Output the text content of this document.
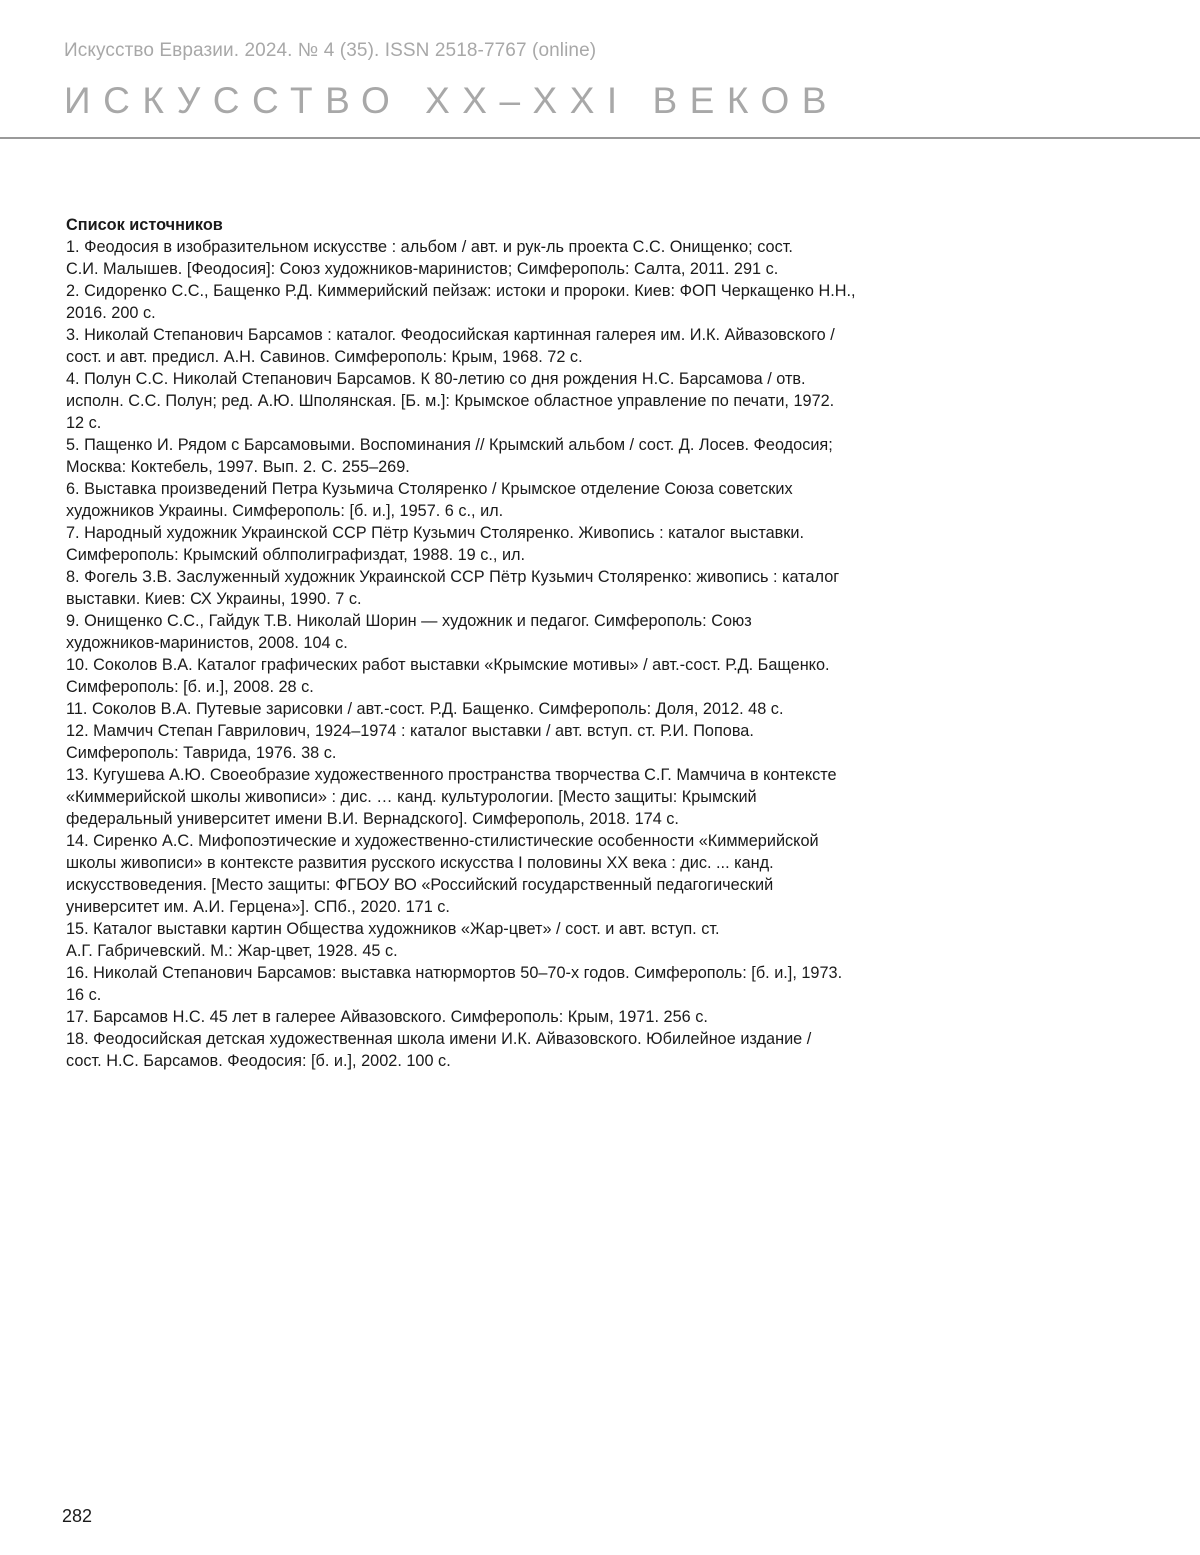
Искусство Евразии. 2024. № 4 (35). ISSN 2518-7767 (online)
ИСКУССТВО XX–XXI ВЕКОВ
Список источников
1. Феодосия в изобразительном искусстве : альбом / авт. и рук-ль проекта С.С. Онищенко; сост.
С.И. Малышев. [Феодосия]: Союз художников-маринистов; Симферополь: Салта, 2011. 291 с.
2. Сидоренко С.С., Бащенко Р.Д. Киммерийский пейзаж: истоки и пророки. Киев: ФОП Черкащенко Н.Н.,
2016. 200 с.
3. Николай Степанович Барсамов : каталог. Феодосийская картинная галерея им. И.К. Айвазовского /
сост. и авт. предисл. А.Н. Савинов. Симферополь: Крым, 1968. 72 с.
4. Полун С.С. Николай Степанович Барсамов. К 80-летию со дня рождения Н.С. Барсамова / отв.
исполн. С.С. Полун; ред. А.Ю. Шполянская. [Б. м.]: Крымское областное управление по печати, 1972.
12 с.
5. Пащенко И. Рядом с Барсамовыми. Воспоминания // Крымский альбом / сост. Д. Лосев. Феодосия;
Москва: Коктебель, 1997. Вып. 2. С. 255–269.
6. Выставка произведений Петра Кузьмича Столяренко / Крымское отделение Союза советских
художников Украины. Симферополь: [б. и.], 1957. 6 с., ил.
7. Народный художник Украинской ССР Пётр Кузьмич Столяренко. Живопись : каталог выставки.
Симферополь: Крымский облполиграфиздат, 1988. 19 с., ил.
8. Фогель З.В. Заслуженный художник Украинской ССР Пётр Кузьмич Столяренко: живопись : каталог
выставки. Киев: СХ Украины, 1990. 7 с.
9. Онищенко С.С., Гайдук Т.В. Николай Шорин — художник и педагог. Симферополь: Союз
художников-маринистов, 2008. 104 с.
10. Соколов В.А. Каталог графических работ выставки «Крымские мотивы» / авт.-сост. Р.Д. Бащенко.
Симферополь: [б. и.], 2008. 28 с.
11. Соколов В.А. Путевые зарисовки / авт.-сост. Р.Д. Бащенко. Симферополь: Доля, 2012. 48 с.
12. Мамчич Степан Гаврилович, 1924–1974 : каталог выставки / авт. вступ. ст. Р.И. Попова.
Симферополь: Таврида, 1976. 38 с.
13. Кугушева А.Ю. Своеобразие художественного пространства творчества С.Г. Мамчича в контексте
«Киммерийской школы живописи» : дис. … канд. культурологии. [Место защиты: Крымский
федеральный университет имени В.И. Вернадского]. Симферополь, 2018. 174 с.
14. Сиренко А.С. Мифопоэтические и художественно-стилистические особенности «Киммерийской
школы живописи» в контексте развития русского искусства I половины XX века : дис. ... канд.
искусствоведения. [Место защиты: ФГБОУ ВО «Российский государственный педагогический
университет им. А.И. Герцена»]. СПб., 2020. 171 с.
15. Каталог выставки картин Общества художников «Жар-цвет» / сост. и авт. вступ. ст.
А.Г. Габричевский. М.: Жар-цвет, 1928. 45 с.
16. Николай Степанович Барсамов: выставка натюрмортов 50–70-х годов. Симферополь: [б. и.], 1973.
16 с.
17. Барсамов Н.С. 45 лет в галерее Айвазовского. Симферополь: Крым, 1971. 256 с.
18. Феодосийская детская художественная школа имени И.К. Айвазовского. Юбилейное издание /
сост. Н.С. Барсамов. Феодосия: [б. и.], 2002. 100 с.
282
